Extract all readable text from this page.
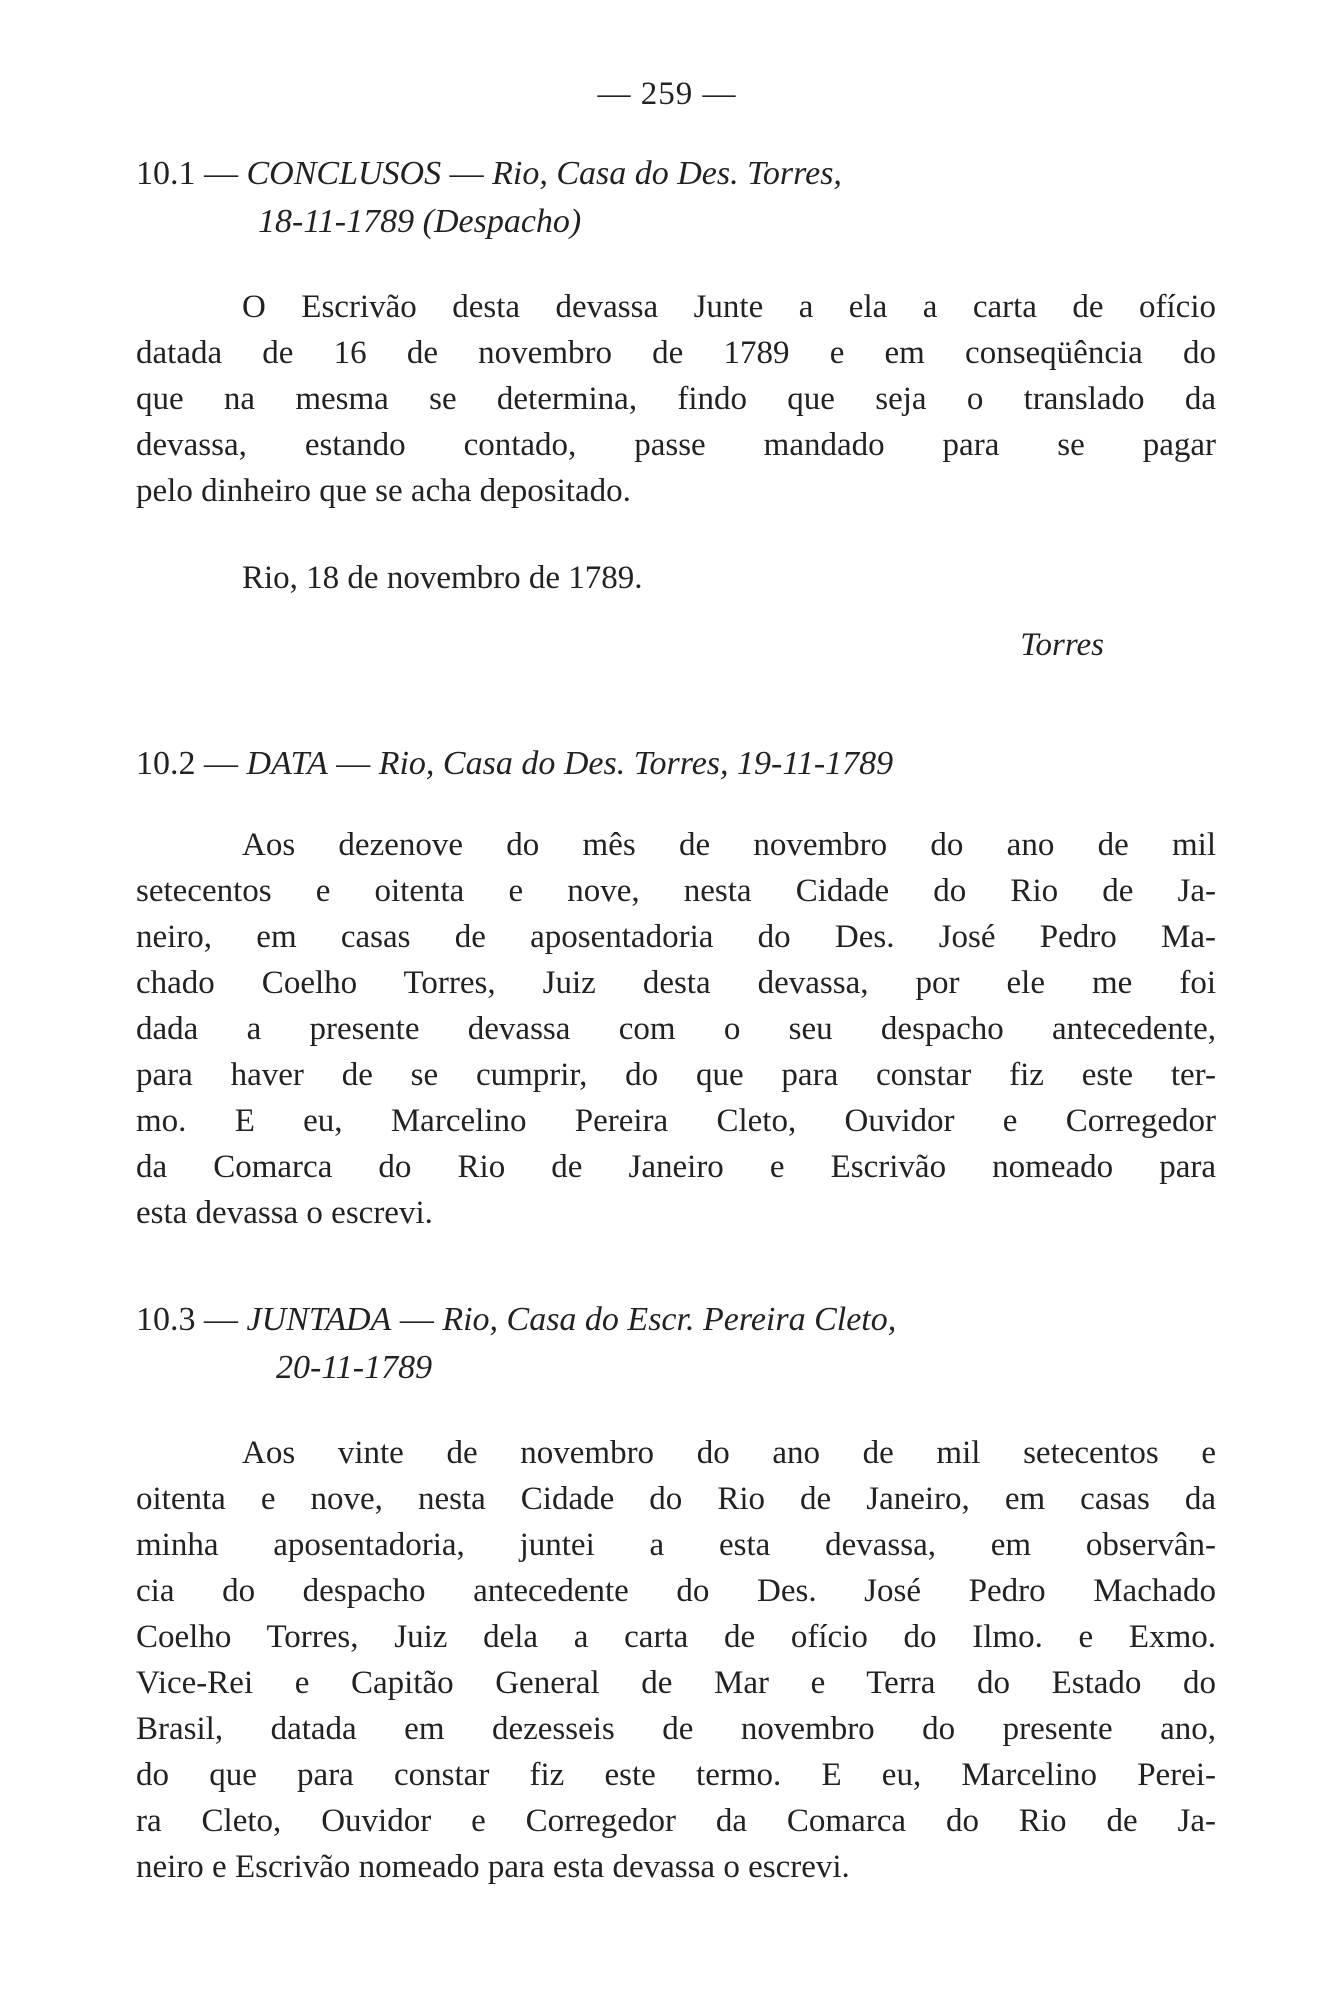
— 259 —
10.1 — CONCLUSOS — Rio, Casa do Des. Torres,
18-11-1789 (Despacho)
O Escrivão desta devassa Junte a ela a carta de ofício
datada de 16 de novembro de 1789 e em conseqüência do
que na mesma se determina, findo que seja o translado da
devassa, estando contado, passe mandado para se pagar
pelo dinheiro que se acha depositado.
Rio, 18 de novembro de 1789.
Torres
10.2 — DATA — Rio, Casa do Des. Torres, 19-11-1789
Aos dezenove do mês de novembro do ano de mil
setecentos e oitenta e nove, nesta Cidade do Rio de Ja-
neiro, em casas de aposentadoria do Des. José Pedro Ma-
chado Coelho Torres, Juiz desta devassa, por ele me foi
dada a presente devassa com o seu despacho antecedente,
para haver de se cumprir, do que para constar fiz este ter-
mo. E eu, Marcelino Pereira Cleto, Ouvidor e Corregedor
da Comarca do Rio de Janeiro e Escrivão nomeado para
esta devassa o escrevi.
10.3 — JUNTADA — Rio, Casa do Escr. Pereira Cleto,
20-11-1789
Aos vinte de novembro do ano de mil setecentos e
oitenta e nove, nesta Cidade do Rio de Janeiro, em casas da
minha aposentadoria, juntei a esta devassa, em observân-
cia do despacho antecedente do Des. José Pedro Machado
Coelho Torres, Juiz dela a carta de ofício do Ilmo. e Exmo.
Vice-Rei e Capitão General de Mar e Terra do Estado do
Brasil, datada em dezesseis de novembro do presente ano,
do que para constar fiz este termo. E eu, Marcelino Perei-
ra Cleto, Ouvidor e Corregedor da Comarca do Rio de Ja-
neiro e Escrivão nomeado para esta devassa o escrevi.
